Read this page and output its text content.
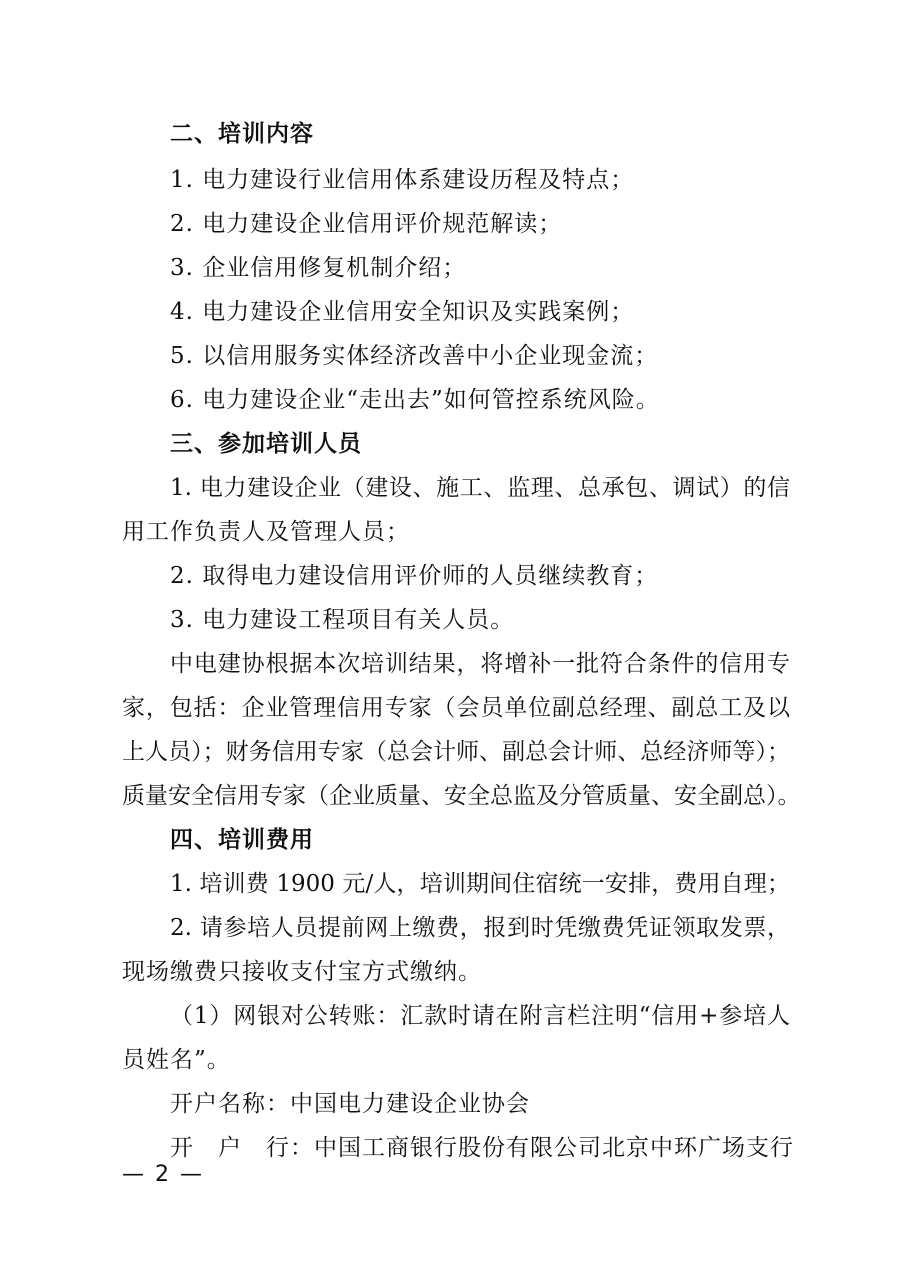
二、培训内容
1. 电力建设行业信用体系建设历程及特点；
2. 电力建设企业信用评价规范解读；
3. 企业信用修复机制介绍；
4. 电力建设企业信用安全知识及实践案例；
5. 以信用服务实体经济改善中小企业现金流；
6. 电力建设企业“走出去”如何管控系统风险。
三、参加培训人员
1. 电力建设企业（建设、施工、监理、总承包、调试）的信
用工作负责人及管理人员；
2. 取得电力建设信用评价师的人员继续教育；
3. 电力建设工程项目有关人员。
中电建协根据本次培训结果，将增补一批符合条件的信用专
家，包括：企业管理信用专家（会员单位副总经理、副总工及以
上人员）；财务信用专家（总会计师、副总会计师、总经济师等）；
质量安全信用专家（企业质量、安全总监及分管质量、安全副总）。
四、培训费用
1. 培训费 1900 元/人，培训期间住宿统一安排，费用自理；
2. 请参培人员提前网上缴费，报到时凭缴费凭证领取发票，
现场缴费只接收支付宝方式缴纳。
（1）网银对公转账：汇款时请在附言栏注明“信用+参培人
员姓名”。
开户名称：中国电力建设企业协会
开　户　行：中国工商银行股份有限公司北京中环广场支行
— 2 —
